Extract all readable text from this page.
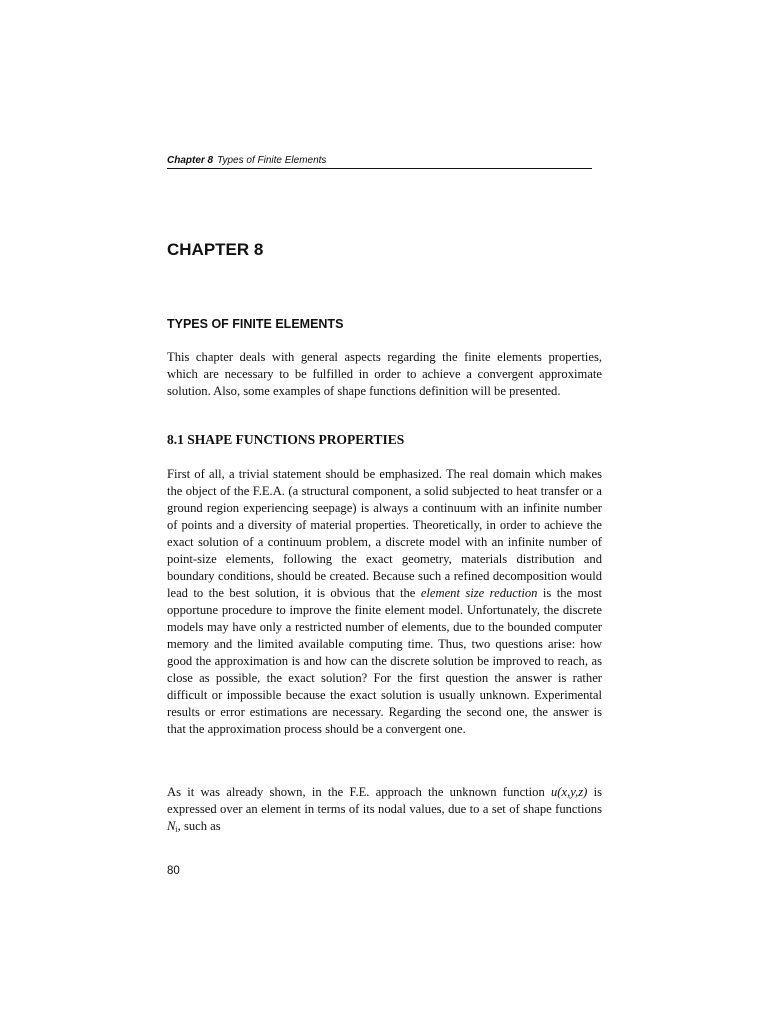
Chapter 8 Types of Finite Elements
CHAPTER 8
TYPES OF FINITE ELEMENTS

This chapter deals with general aspects regarding the finite elements properties, which are necessary to be fulfilled in order to achieve a convergent approximate solution. Also, some examples of shape functions definition will be presented.

8.1 SHAPE FUNCTIONS PROPERTIES

First of all, a trivial statement should be emphasized. The real domain which makes the object of the F.E.A. (a structural component, a solid subjected to heat transfer or a ground region experiencing seepage) is always a continuum with an infinite number of points and a diversity of material properties. Theoretically, in order to achieve the exact solution of a continuum problem, a discrete model with an infinite number of point-size elements, following the exact geometry, materials distribution and boundary conditions, should be created. Because such a refined decomposition would lead to the best solution, it is obvious that the element size reduction is the most opportune procedure to improve the finite element model. Unfortunately, the discrete models may have only a restricted number of elements, due to the bounded computer memory and the limited available computing time. Thus, two questions arise: how good the approximation is and how can the discrete solution be improved to reach, as close as possible, the exact solution? For the first question the answer is rather difficult or impossible because the exact solution is usually unknown. Experimental results or error estimations are necessary. Regarding the second one, the answer is that the approximation process should be a convergent one.

As it was already shown, in the F.E. approach the unknown function u(x,y,z) is expressed over an element in terms of its nodal values, due to a set of shape functions $N_i$, such as

80
